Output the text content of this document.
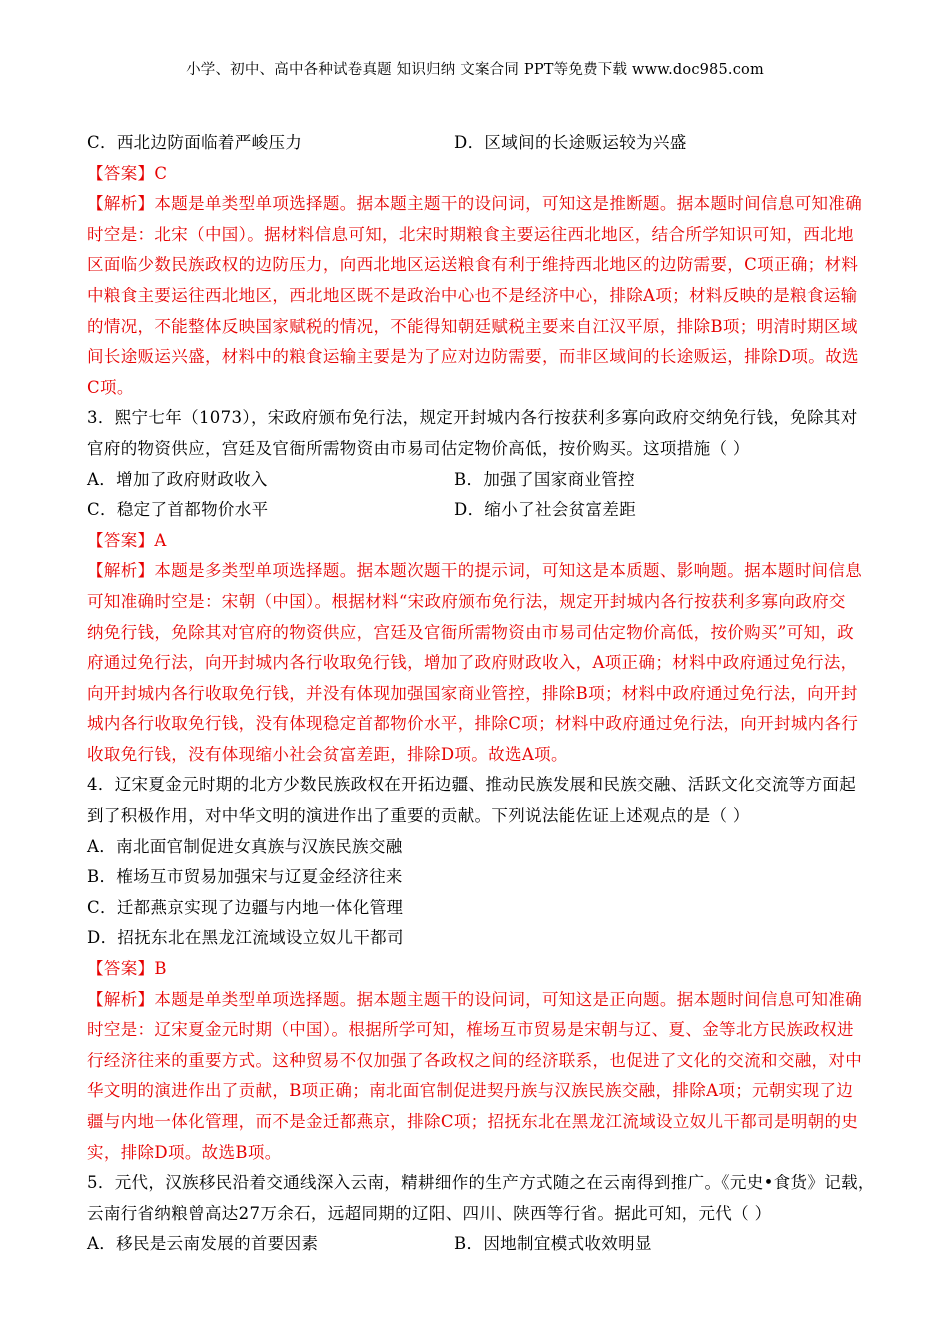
小学、初中、高中各种试卷真题 知识归纳 文案合同 PPT等免费下载 www.doc985.com
C．西北边防面临着严峻压力	D．区域间的长途贩运较为兴盛
【答案】C
【解析】本题是单类型单项选择题。据本题主题干的设问词，可知这是推断题。据本题时间信息可知准确
时空是：北宋（中国）。据材料信息可知，北宋时期粮食主要运往西北地区，结合所学知识可知，西北地
区面临少数民族政权的边防压力，向西北地区运送粮食有利于维持西北地区的边防需要，C项正确；材料
中粮食主要运往西北地区，西北地区既不是政治中心也不是经济中心，排除A项；材料反映的是粮食运输
的情况，不能整体反映国家赋税的情况，不能得知朝廷赋税主要来自江汉平原，排除B项；明清时期区域
间长途贩运兴盛，材料中的粮食运输主要是为了应对边防需要，而非区域间的长途贩运，排除D项。故选
C项。
3．熙宁七年（1073），宋政府颁布免行法，规定开封城内各行按获利多寡向政府交纳免行钱，免除其对
官府的物资供应，宫廷及官衙所需物资由市易司估定物价高低，按价购买。这项措施（ ）
A．增加了政府财政收入	B．加强了国家商业管控
C．稳定了首都物价水平	D．缩小了社会贫富差距
【答案】A
【解析】本题是多类型单项选择题。据本题次题干的提示词，可知这是本质题、影响题。据本题时间信息
可知准确时空是：宋朝（中国）。根据材料“宋政府颁布免行法，规定开封城内各行按获利多寡向政府交
纳免行钱，免除其对官府的物资供应，宫廷及官衙所需物资由市易司估定物价高低，按价购买”可知，政
府通过免行法，向开封城内各行收取免行钱，增加了政府财政收入，A项正确；材料中政府通过免行法，
向开封城内各行收取免行钱，并没有体现加强国家商业管控，排除B项；材料中政府通过免行法，向开封
城内各行收取免行钱，没有体现稳定首都物价水平，排除C项；材料中政府通过免行法，向开封城内各行
收取免行钱，没有体现缩小社会贫富差距，排除D项。故选A项。
4．辽宋夏金元时期的北方少数民族政权在开拓边疆、推动民族发展和民族交融、活跃文化交流等方面起
到了积极作用，对中华文明的演进作出了重要的贡献。下列说法能佐证上述观点的是（ ）
A．南北面官制促进女真族与汉族民族交融
B．榷场互市贸易加强宋与辽夏金经济往来
C．迁都燕京实现了边疆与内地一体化管理
D．招抚东北在黑龙江流域设立奴儿干都司
【答案】B
【解析】本题是单类型单项选择题。据本题主题干的设问词，可知这是正向题。据本题时间信息可知准确
时空是：辽宋夏金元时期（中国）。根据所学可知，榷场互市贸易是宋朝与辽、夏、金等北方民族政权进
行经济往来的重要方式。这种贸易不仅加强了各政权之间的经济联系，也促进了文化的交流和交融，对中
华文明的演进作出了贡献，B项正确；南北面官制促进契丹族与汉族民族交融，排除A项；元朝实现了边
疆与内地一体化管理，而不是金迁都燕京，排除C项；招抚东北在黑龙江流域设立奴儿干都司是明朝的史
实，排除D项。故选B项。
5．元代，汉族移民沿着交通线深入云南，精耕细作的生产方式随之在云南得到推广。《元史•食货》记载，
云南行省纳粮曾高达27万余石，远超同期的辽阳、四川、陕西等行省。据此可知，元代（ ）
A．移民是云南发展的首要因素	B．因地制宜模式收效明显
